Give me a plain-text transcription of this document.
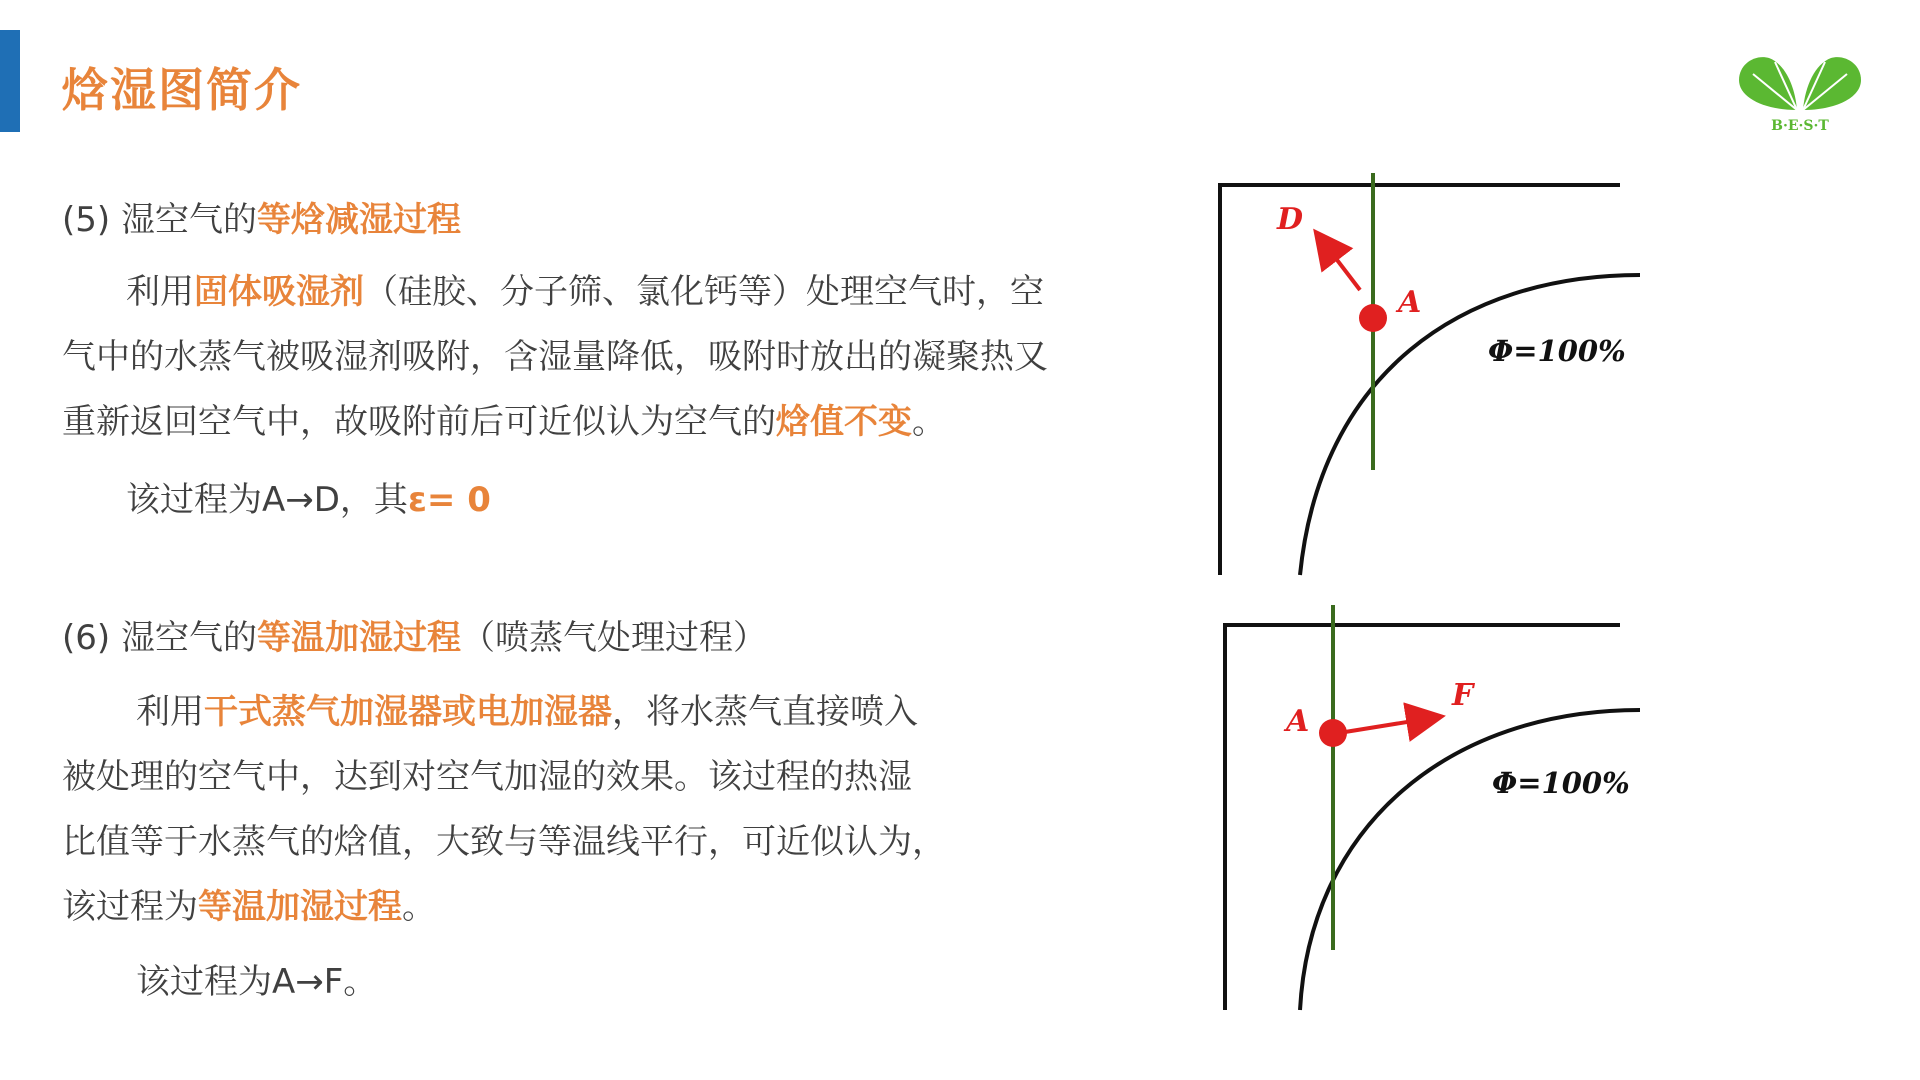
焓湿图简介
B·E·S·T

(5) 湿空气的等焓减湿过程

利用固体吸湿剂（硅胶、分子筛、氯化钙等）处理空气时，空

气中的水蒸气被吸湿剂吸附，含湿量降低，吸附时放出的凝聚热又

重新返回空气中，故吸附前后可近似认为空气的焓值不变。

该过程为A→D，其ε= 0

(6) 湿空气的等温加湿过程（喷蒸气处理过程）

利用干式蒸气加湿器或电加湿器，将水蒸气直接喷入

被处理的空气中，达到对空气加湿的效果。该过程的热湿

比值等于水蒸气的焓值，大致与等温线平行，可近似认为，

该过程为等温加湿过程。

该过程为A→F。

A
D
Φ=100%
A
F
Φ=100%
